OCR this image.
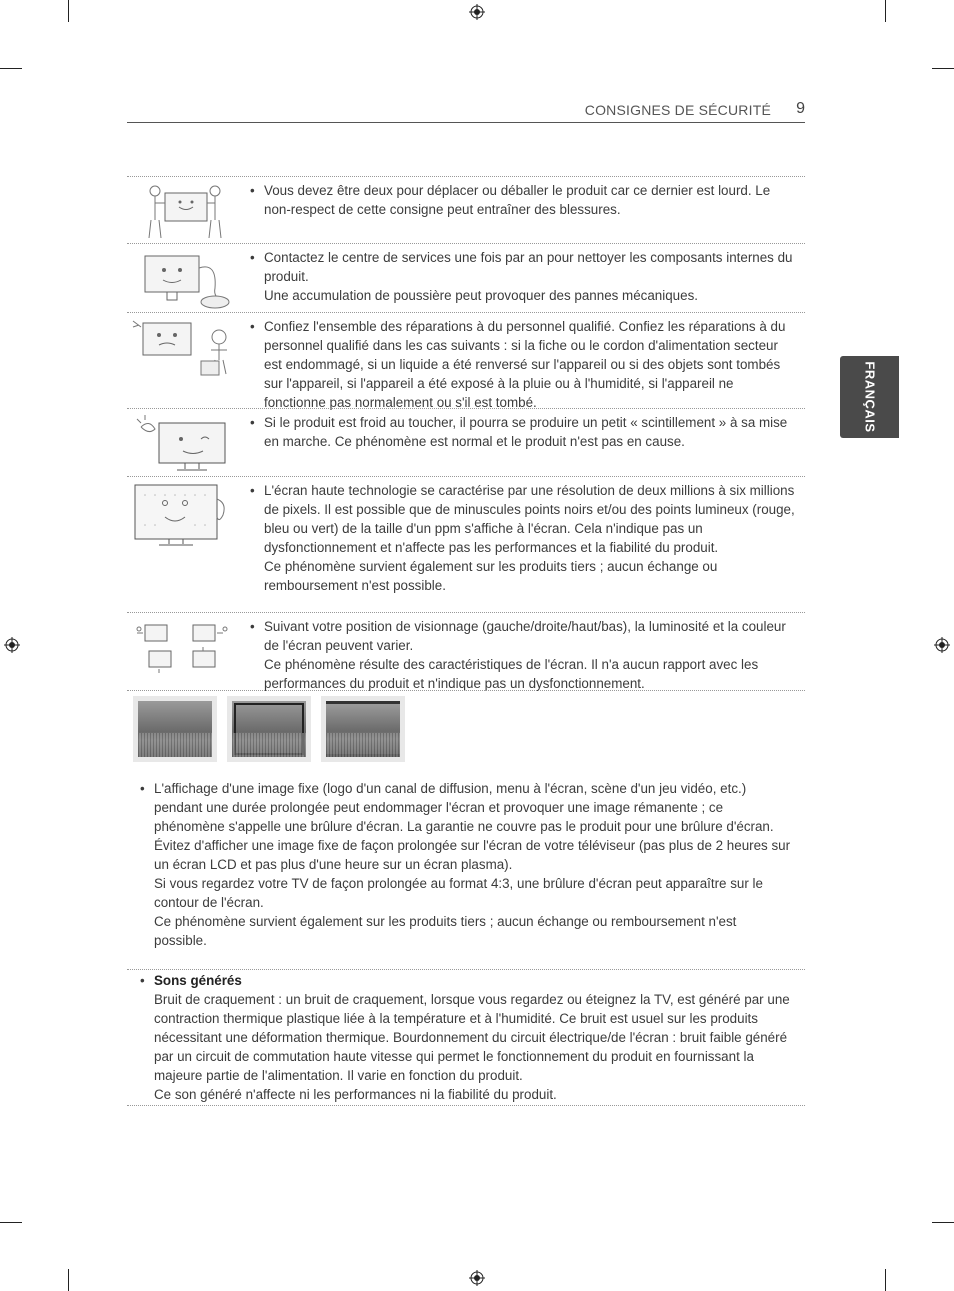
CONSIGNES DE SÉCURITÉ 9
FRANÇAIS
• Vous devez être deux pour déplacer ou déballer le produit car ce dernier est lourd. Le non-respect de cette consigne peut entraîner des blessures.
• Contactez le centre de services une fois par an pour nettoyer les composants internes du produit.
Une accumulation de poussière peut provoquer des pannes mécaniques.
• Confiez l'ensemble des réparations à du personnel qualifié. Confiez les réparations à du personnel qualifié dans les cas suivants : si la fiche ou le cordon d'alimentation secteur est endommagé, si un liquide a été renversé sur l'appareil ou si des objets sont tombés sur l'appareil, si l'appareil a été exposé à la pluie ou à l'humidité, si l'appareil ne fonctionne pas normalement ou s'il est tombé.
• Si le produit est froid au toucher, il pourra se produire un petit « scintillement » à sa mise en marche. Ce phénomène est normal et le produit n'est pas en cause.
• L'écran haute technologie se caractérise par une résolution de deux millions à six millions de pixels. Il est possible que de minuscules points noirs et/ou des points lumineux (rouge, bleu ou vert) de la taille d'un ppm s'affiche à l'écran. Cela n'indique pas un dysfonctionnement et n'affecte pas les performances et la fiabilité du produit.
Ce phénomène survient également sur les produits tiers ; aucun échange ou remboursement n'est possible.
• Suivant votre position de visionnage (gauche/droite/haut/bas), la luminosité et la couleur de l'écran peuvent varier.
Ce phénomène résulte des caractéristiques de l'écran. Il n'a aucun rapport avec les performances du produit et n'indique pas un dysfonctionnement.
• L'affichage d'une image fixe (logo d'un canal de diffusion, menu à l'écran, scène d'un jeu vidéo, etc.) pendant une durée prolongée peut endommager l'écran et provoquer une image rémanente ; ce phénomène s'appelle une brûlure d'écran. La garantie ne couvre pas le produit pour une brûlure d'écran.
Évitez d'afficher une image fixe de façon prolongée sur l'écran de votre téléviseur (pas plus de 2 heures sur un écran LCD et pas plus d'une heure sur un écran plasma).
Si vous regardez votre TV de façon prolongée au format 4:3, une brûlure d'écran peut apparaître sur le contour de l'écran.
Ce phénomène survient également sur les produits tiers ; aucun échange ou remboursement n'est possible.
• Sons générés
Bruit de craquement : un bruit de craquement, lorsque vous regardez ou éteignez la TV, est généré par une contraction thermique plastique liée à la température et à l'humidité. Ce bruit est usuel sur les produits nécessitant une déformation thermique. Bourdonnement du circuit électrique/de l'écran : bruit faible généré par un circuit de commutation haute vitesse qui permet le fonctionnement du produit en fournissant la majeure partie de l'alimentation. Il varie en fonction du produit.
Ce son généré n'affecte ni les performances ni la fiabilité du produit.
